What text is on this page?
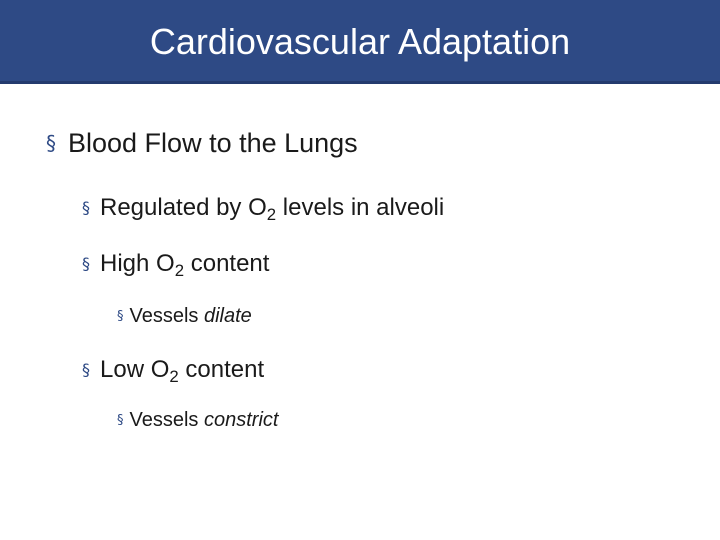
Cardiovascular Adaptation
§ Blood Flow to the Lungs
§ Regulated by $O_2$ levels in alveoli
§ High $O_2$ content
§ Vessels dilate
§ Low $O_2$ content
§ Vessels constrict
